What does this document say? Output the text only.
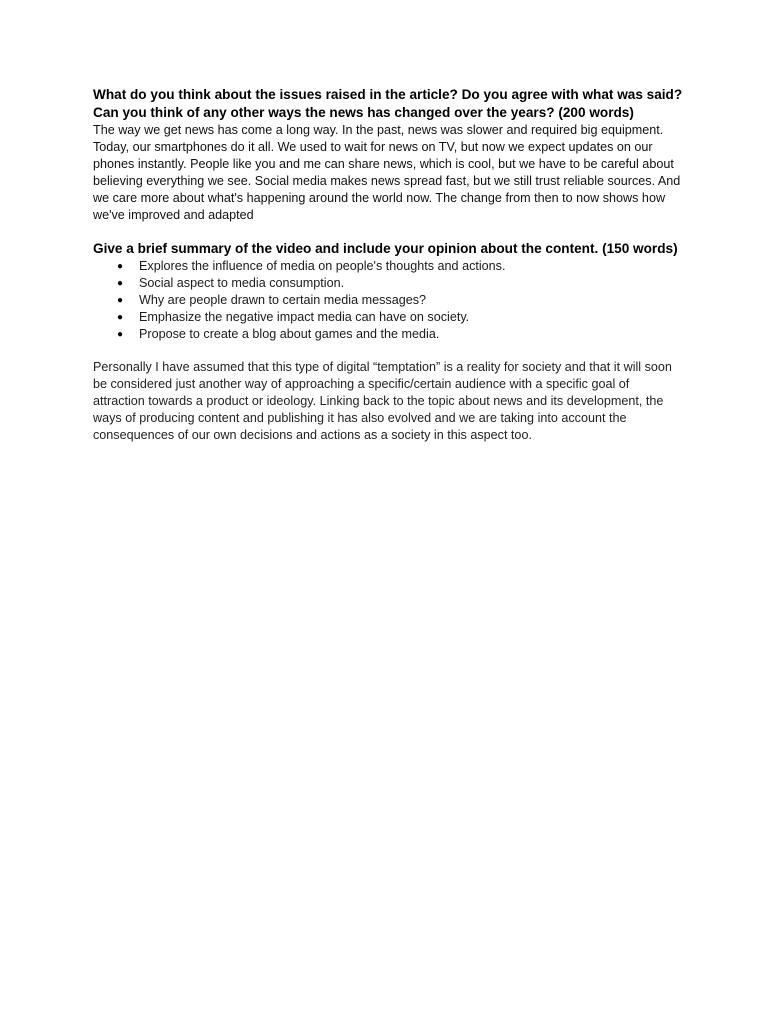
What do you think about the issues raised in the article? Do you agree with what was said? Can you think of any other ways the news has changed over the years? (200 words)

The way we get news has come a long way. In the past, news was slower and required big equipment. Today, our smartphones do it all. We used to wait for news on TV, but now we expect updates on our phones instantly. People like you and me can share news, which is cool, but we have to be careful about believing everything we see. Social media makes news spread fast, but we still trust reliable sources. And we care more about what's happening around the world now. The change from then to now shows how we've improved and adapted

Give a brief summary of the video and include your opinion about the content. (150 words)

● Explores the influence of media on people's thoughts and actions.
● Social aspect to media consumption.
● Why are people drawn to certain media messages?
● Emphasize the negative impact media can have on society.
● Propose to create a blog about games and the media.

Personally I have assumed that this type of digital “temptation” is a reality for society and that it will soon be considered just another way of approaching a specific/certain audience with a specific goal of attraction towards a product or ideology. Linking back to the topic about news and its development, the ways of producing content and publishing it has also evolved and we are taking into account the consequences of our own decisions and actions as a society in this aspect too.
